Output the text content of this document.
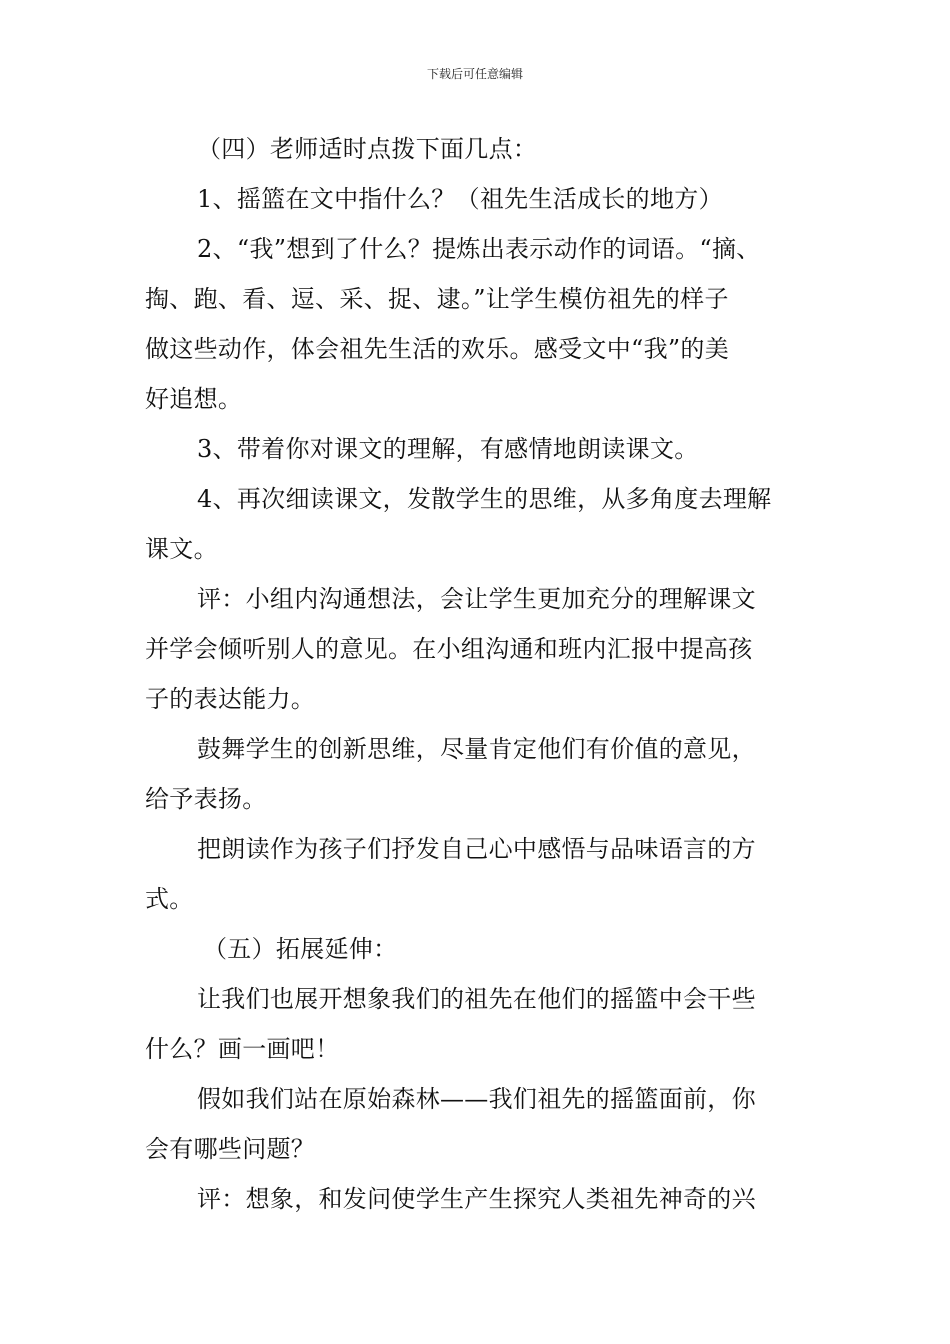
下载后可任意编辑
（四）老师适时点拨下面几点：
1、摇篮在文中指什么？（祖先生活成长的地方）
2、“我”想到了什么？提炼出表示动作的词语。“摘、
掏、跑、看、逗、采、捉、逮。”让学生模仿祖先的样子
做这些动作，体会祖先生活的欢乐。感受文中“我”的美
好追想。
3、带着你对课文的理解，有感情地朗读课文。
4、再次细读课文，发散学生的思维，从多角度去理解
课文。
评：小组内沟通想法，会让学生更加充分的理解课文
并学会倾听别人的意见。在小组沟通和班内汇报中提高孩
子的表达能力。
鼓舞学生的创新思维，尽量肯定他们有价值的意见，
给予表扬。
把朗读作为孩子们抒发自己心中感悟与品味语言的方
式。
（五）拓展延伸：
让我们也展开想象我们的祖先在他们的摇篮中会干些
什么？画一画吧！
假如我们站在原始森林——我们祖先的摇篮面前，你
会有哪些问题？
评：想象，和发问使学生产生探究人类祖先神奇的兴
